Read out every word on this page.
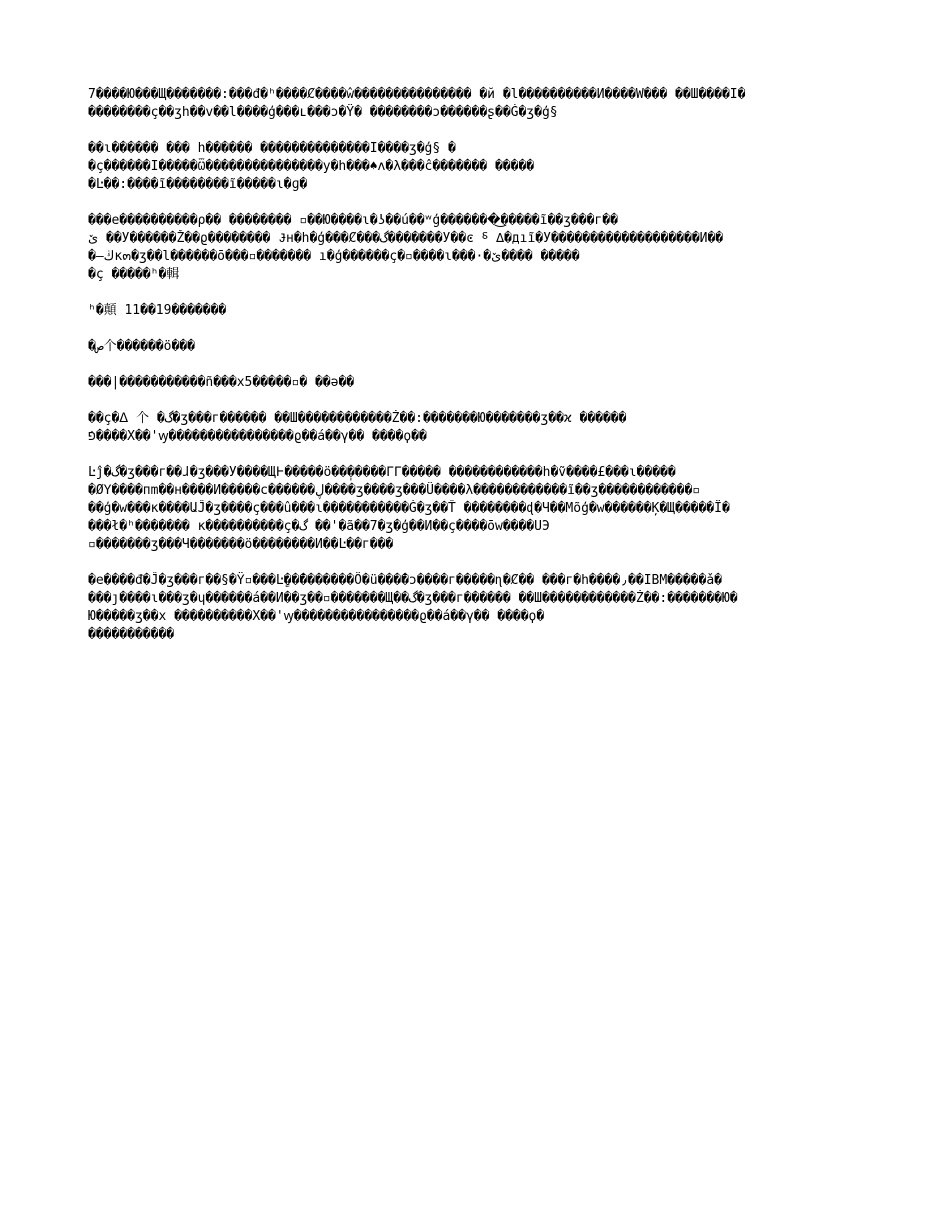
7����Ю���Щ�������:���đ�ʰ����Ȼ����ŵ��������������� �й �l����������И����W��� ��Ш����I�
��������ç��ʒh��v��l����ģ���ʟ���ɔ�Ÿ� ��������ɔ������ʂ��Ġ�ʒ�ģ§
��ɩ������ ��� h������ ��������������Ӏ����ʒ�ģ§ �
�ç������I�����Ѿ���������������y�h���♠ʌ�λ���ĉ������� �����
�Ŀ��:����ĩ��������ĩ�����ɩ�ɡ�
���e����������ρ�� �������� ▫��Ю����ɩ�ʖ��ú��ʷģ�������͜�����ĩ��ʒ���г��
ێ ��У������Ž��ϱ�������� Ɉн�h�ģ���Ȼ���گ�������У��ͼ ⸹ ∆�дıĩ�У�������������������И��
�–ڬκ๓�ʒ��l������ō���▫������� ı�ģ������ç�▫����ɩ���·�ێ���� �����
�ç �����ʰ�輯
ʰ�顛 11��19�������
�ص个������ö���
���|�����������ñ���x5�����▫� ��ә��
��ç�ᐃ 个 �گ�ʒ���г������ ��Ш������������Ż��:�������Ю�������ʒ��ϰ ������
ֿפ����Х��'ꝡ����������������ϱ��á��γ�� ����ϙ��
Ŀĵ�گ�ʒ���г��ɺ�ʒ���У����ЩͰ�����ö��̩�����ΓΓ����� ������������h�ṽ����£���ɩ�����
�ØΥ����пm��н����И�����ϲ������ڸ����ʒ����ʒ���Ü����λ������������ĩ��ʒ������������▫
��ģ�w���к����ԱĴ�ʒ����ç���û���ɩ�����������Ġ�ʒ��T̄ ��������ɖ�Ч��Мõģ�w������Ķ�Щ�����Ï�
���ł�ʰ������� ĸ����������ç�گ ��'�ã��7�ʒ�ģ��И��ç����ōw����ՍЭ
▫�������ʒ���Ч�������ö��������И��Ŀ��г���
�e����đ�Ĵ�ʒ���г��§�Ϋ▫���Ŀ�ٍ��̄������Ö�ü���̄�ɔ����г�����ɳ�Ȼ�� ���г�h����٫��IBM�����ǎ�
���ȷ����ɩ���ʒ�ɥ������á��И��ʒ��▫�������Щ��گ�ʒ���г������ ��Ш������������Ż��:�������Ю�
Ю�����ʒ��x ����������Х��'ꝡ����������������ϱ��á��γ�� ����ϙ�
�����������
